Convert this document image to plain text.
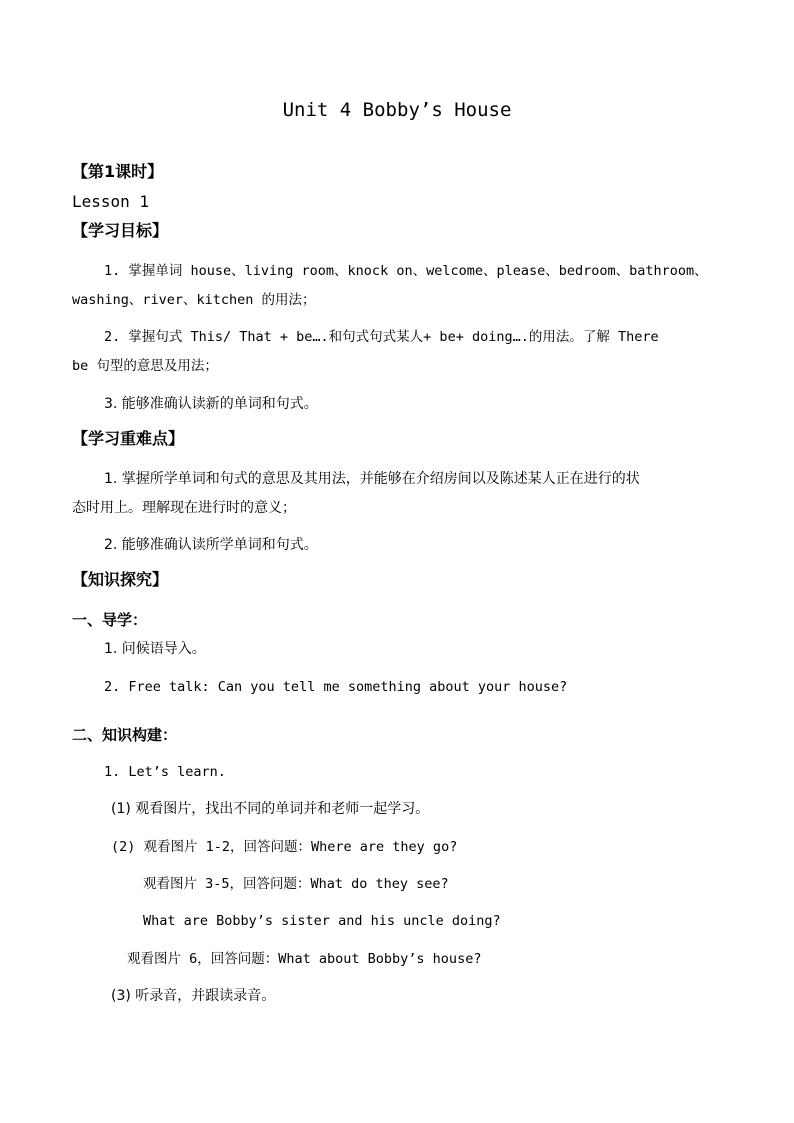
Unit 4 Bobby’s House
【第1课时】
Lesson 1
【学习目标】
1. 掌握单词 house、living room、knock on、welcome、please、bedroom、bathroom、
washing、river、kitchen 的用法；
2. 掌握句式 This/ That + be….和句式句式某人+ be+ doing….的用法。了解 There
be 句型的意思及用法；
3. 能够准确认读新的单词和句式。
【学习重难点】
1. 掌握所学单词和句式的意思及其用法，并能够在介绍房间以及陈述某人正在进行的状
态时用上。理解现在进行时的意义；
2. 能够准确认读所学单词和句式。
【知识探究】
一、导学：
1. 问候语导入。
2. Free talk: Can you tell me something about your house?
二、知识构建：
1. Let’s learn.
(1) 观看图片，找出不同的单词并和老师一起学习。
(2) 观看图片 1-2，回答问题：Where are they go?
观看图片 3-5，回答问题：What do they see?
What are Bobby’s sister and his uncle doing?
观看图片 6，回答问题：What about Bobby’s house?
(3) 听录音，并跟读录音。
